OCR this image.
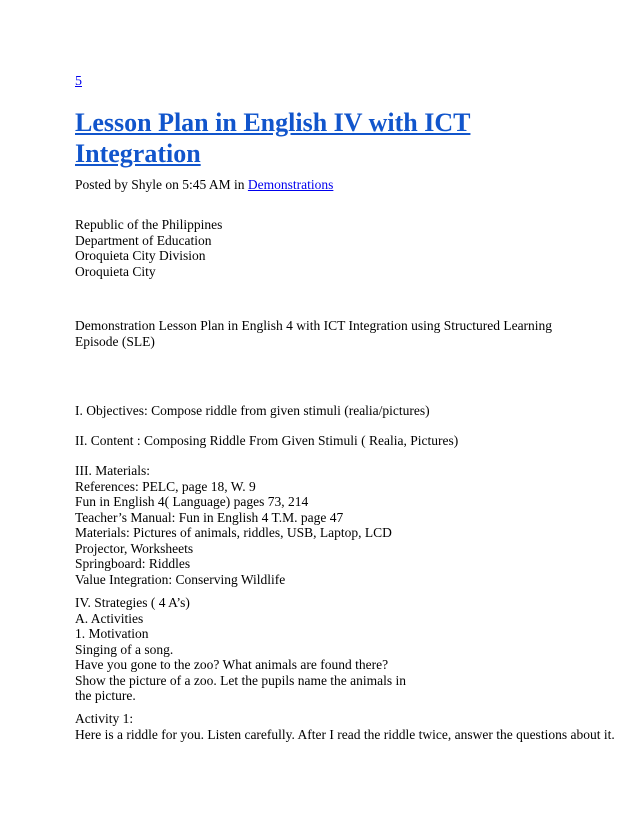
5
Lesson Plan in English IV with ICT Integration
Posted by Shyle on 5:45 AM in Demonstrations
Republic of the Philippines
Department of Education
Oroquieta City Division
Oroquieta City
Demonstration Lesson Plan in English 4 with ICT Integration using Structured Learning Episode (SLE)
I. Objectives: Compose riddle from given stimuli (realia/pictures)
II. Content : Composing Riddle From Given Stimuli ( Realia, Pictures)
III. Materials:
References: PELC, page 18, W. 9
Fun in English 4( Language) pages 73, 214
Teacher’s Manual: Fun in English 4 T.M. page 47
Materials: Pictures of animals, riddles, USB, Laptop, LCD
Projector, Worksheets
Springboard: Riddles
Value Integration: Conserving Wildlife
IV. Strategies ( 4 A’s)
A. Activities
1. Motivation
Singing of a song.
Have you gone to the zoo? What animals are found there?
Show the picture of a zoo. Let the pupils name the animals in
the picture.
Activity 1:
Here is a riddle for you. Listen carefully. After I read the riddle twice, answer the questions about it.
